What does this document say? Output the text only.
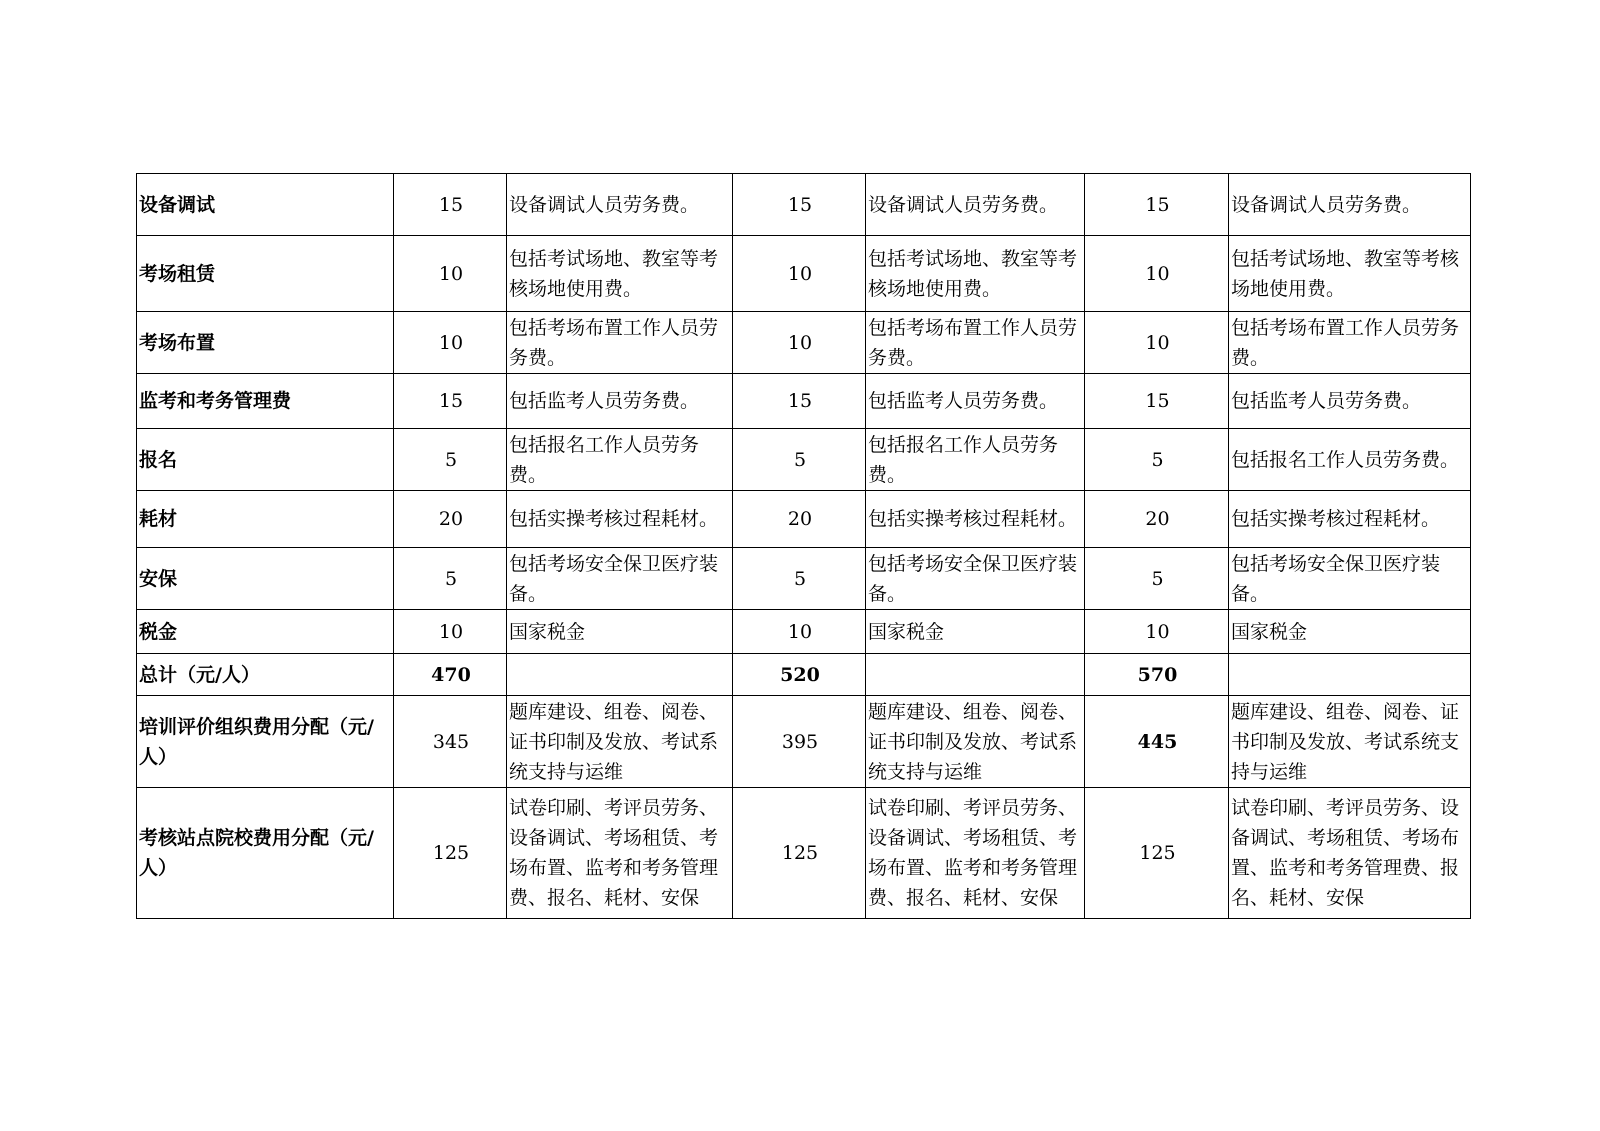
设备调试	15	设备调试人员劳务费。	15	设备调试人员劳务费。	15	设备调试人员劳务费。
考场租赁	10	包括考试场地、教室等考核场地使用费。	10	包括考试场地、教室等考核场地使用费。	10	包括考试场地、教室等考核场地使用费。
考场布置	10	包括考场布置工作人员劳务费。	10	包括考场布置工作人员劳务费。	10	包括考场布置工作人员劳务费。
监考和考务管理费	15	包括监考人员劳务费。	15	包括监考人员劳务费。	15	包括监考人员劳务费。
报名	5	包括报名工作人员劳务费。	5	包括报名工作人员劳务费。	5	包括报名工作人员劳务费。
耗材	20	包括实操考核过程耗材。	20	包括实操考核过程耗材。	20	包括实操考核过程耗材。
安保	5	包括考场安全保卫医疗装备。	5	包括考场安全保卫医疗装备。	5	包括考场安全保卫医疗装备。
税金	10	国家税金	10	国家税金	10	国家税金
总计（元/人）	470		520		570	
培训评价组织费用分配（元/人）	345	题库建设、组卷、阅卷、证书印制及发放、考试系统支持与运维	395	题库建设、组卷、阅卷、证书印制及发放、考试系统支持与运维	445	题库建设、组卷、阅卷、证书印制及发放、考试系统支持与运维
考核站点院校费用分配（元/人）	125	试卷印刷、考评员劳务、设备调试、考场租赁、考场布置、监考和考务管理费、报名、耗材、安保	125	试卷印刷、考评员劳务、设备调试、考场租赁、考场布置、监考和考务管理费、报名、耗材、安保	125	试卷印刷、考评员劳务、设备调试、考场租赁、考场布置、监考和考务管理费、报名、耗材、安保
